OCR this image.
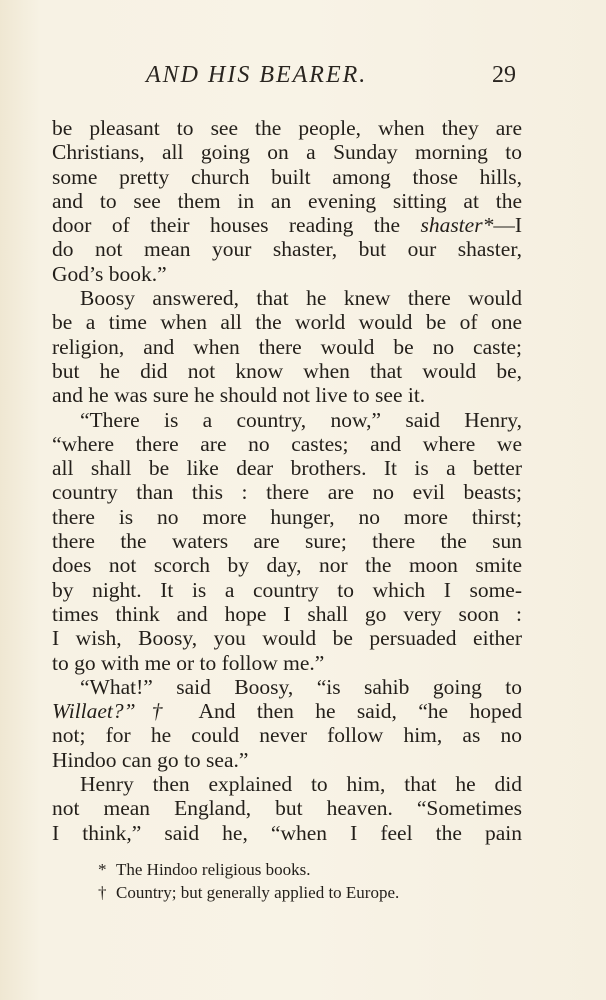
AND HIS BEARER.	29
be pleasant to see the people, when they are
Christians, all going on a Sunday morning to
some pretty church built among those hills,
and to see them in an evening sitting at the
door of their houses reading the shaster*—I
do not mean your shaster, but our shaster,
God’s book.”
Boosy answered, that he knew there would
be a time when all the world would be of one
religion, and when there would be no caste;
but he did not know when that would be,
and he was sure he should not live to see it.
“There is a country, now,” said Henry,
“where there are no castes; and where we
all shall be like dear brothers. It is a better
country than this : there are no evil beasts;
there is no more hunger, no more thirst;
there the waters are sure; there the sun
does not scorch by day, nor the moon smite
by night. It is a country to which I some-
times think and hope I shall go very soon :
I wish, Boosy, you would be persuaded either
to go with me or to follow me.”
“What!” said Boosy, “is sahib going to
Willaet?”† And then he said, “he hoped
not; for he could never follow him, as no
Hindoo can go to sea.”
Henry then explained to him, that he did
not mean England, but heaven. “Sometimes
I think,” said he, “when I feel the pain
* The Hindoo religious books.
† Country; but generally applied to Europe.
